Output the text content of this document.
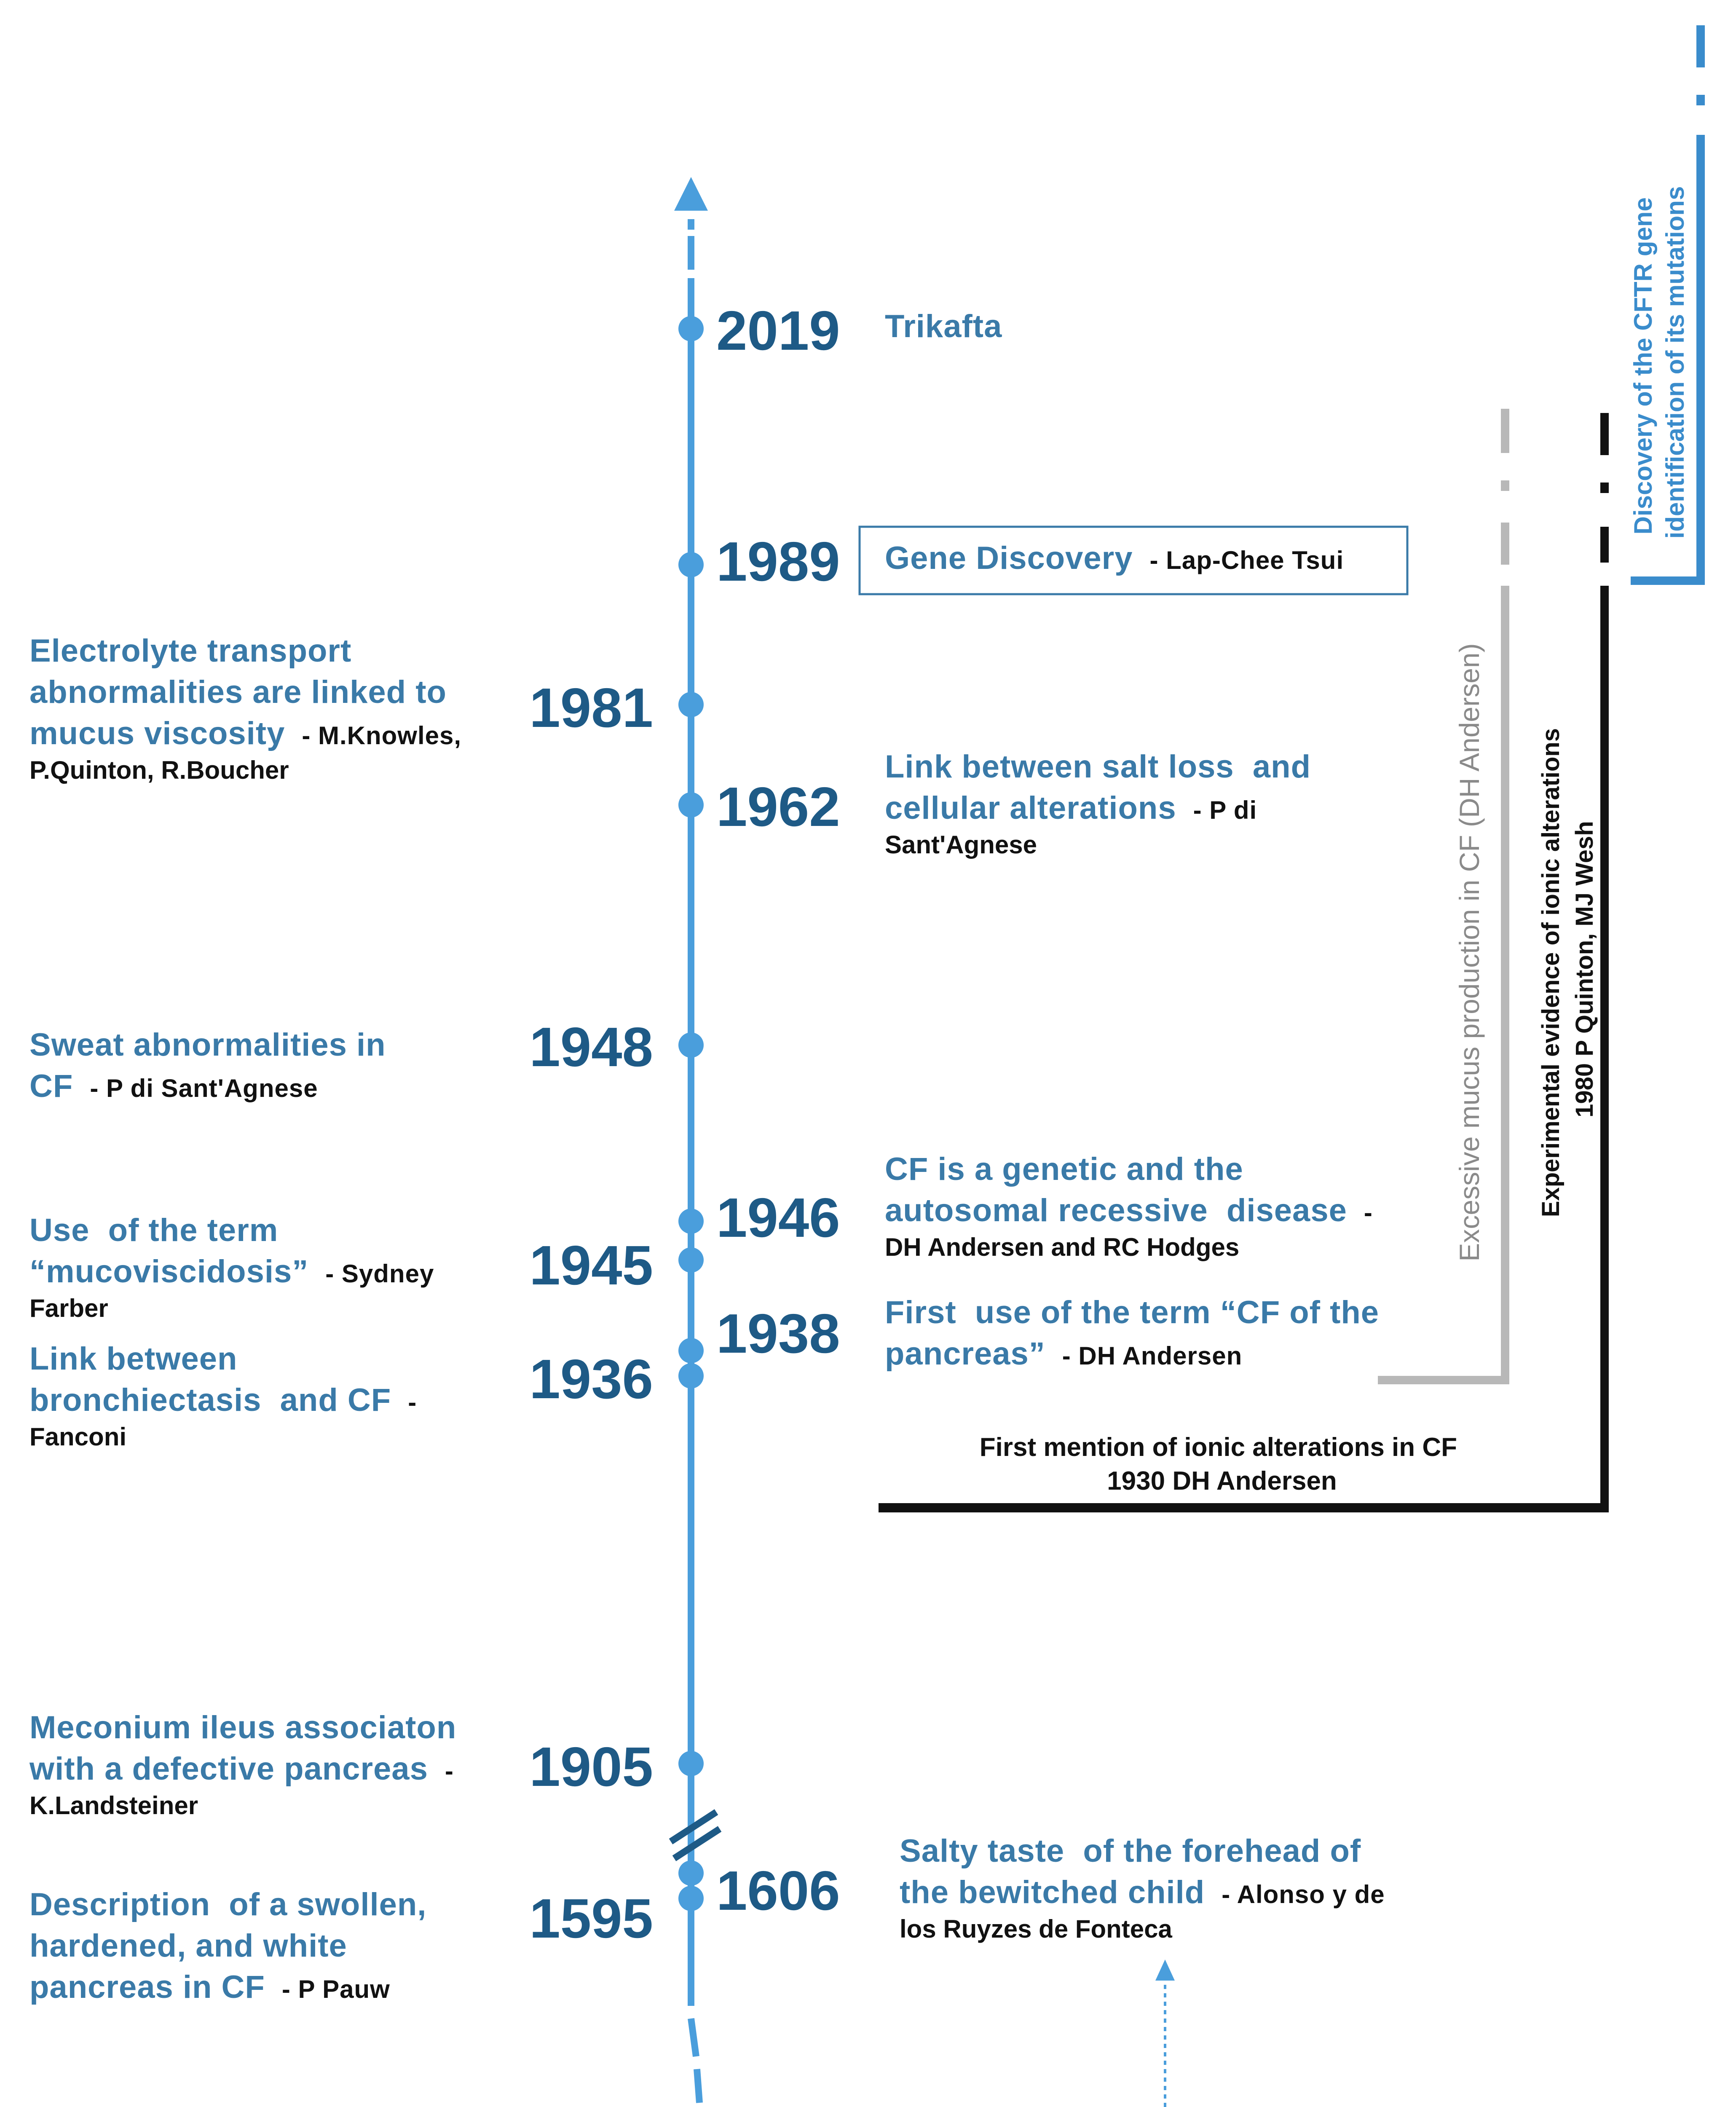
2019 Trikafta
1989 Gene Discovery - Lap-Chee Tsui
1981
Electrolyte transport
abnormalities are linked to
mucus viscosity - M.Knowles,
P.Quinton, R.Boucher
1962
Link between salt loss  and
cellular alterations - P di
Sant'Agnese
1948
Sweat abnormalities in
CF - P di Sant'Agnese
1946
CF is a genetic and the
autosomal recessive  disease -
DH Andersen and RC Hodges
1945
Use  of the term
“mucoviscidosis” - Sydney
Farber	1938 First  use of the term “CF of the
pancreas” - DH Andersen
1936
Link between
bronchiectasis  and CF -
Fanconi
1905
Meconium ileus associaton
with a defective pancreas -
K.Landsteiner
1606
Salty taste  of the forehead of
the bewitched child - Alonso y de
los Ruyzes de Fonteca
1595
Description  of a swollen,
hardened, and white
pancreas in CF - P Pauw
Excessive mucus production in CF (DH Andersen) Experimental evidence of ionic alterations 1980 P Quinton, MJ Wesh
Discovery of the CFTR gene identification of its mutations
First mention of ionic alterations in CF 1930 DH Andersen
